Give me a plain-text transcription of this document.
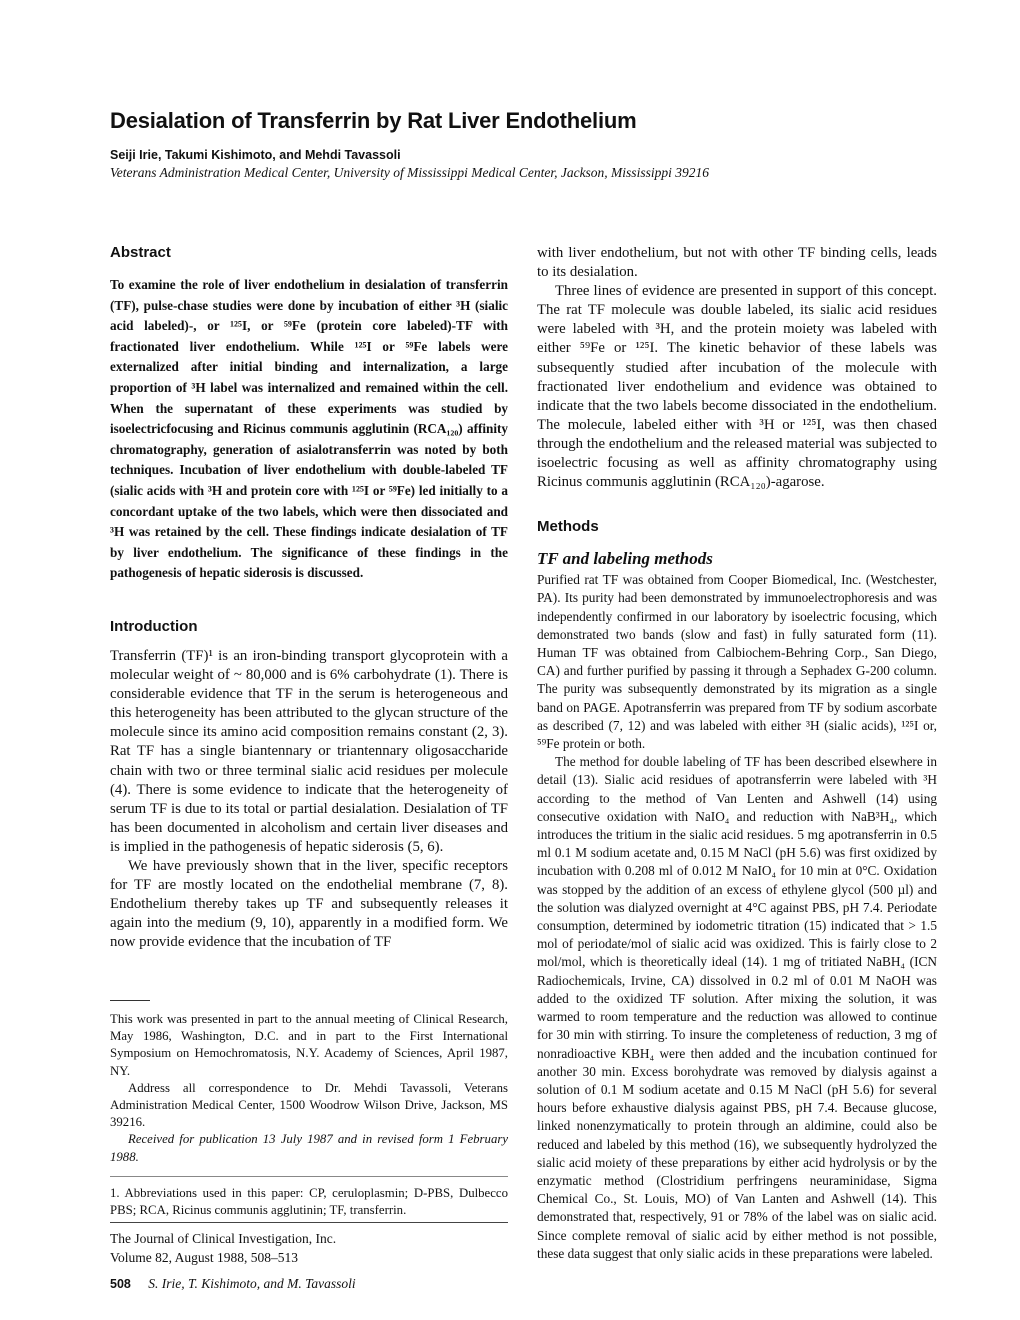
Desialation of Transferrin by Rat Liver Endothelium
Seiji Irie, Takumi Kishimoto, and Mehdi Tavassoli
Veterans Administration Medical Center, University of Mississippi Medical Center, Jackson, Mississippi 39216
Abstract

To examine the role of liver endothelium in desialation of transferrin (TF), pulse-chase studies were done by incubation of either ³H (sialic acid labeled)-, or ¹²⁵I, or ⁵⁹Fe (protein core labeled)-TF with fractionated liver endothelium. While ¹²⁵I or ⁵⁹Fe labels were externalized after initial binding and internalization, a large proportion of ³H label was internalized and remained within the cell. When the supernatant of these experiments was studied by isoelectricfocusing and Ricinus communis agglutinin (RCA₁₂₀) affinity chromatography, generation of asialotransferrin was noted by both techniques. Incubation of liver endothelium with double-labeled TF (sialic acids with ³H and protein core with ¹²⁵I or ⁵⁹Fe) led initially to a concordant uptake of the two labels, which were then dissociated and ³H was retained by the cell. These findings indicate desialation of TF by liver endothelium. The significance of these findings in the pathogenesis of hepatic siderosis is discussed.

Introduction

Transferrin (TF)¹ is an iron-binding transport glycoprotein with a molecular weight of ~ 80,000 and is 6% carbohydrate (1). There is considerable evidence that TF in the serum is heterogeneous and this heterogeneity has been attributed to the glycan structure of the molecule since its amino acid composition remains constant (2, 3). Rat TF has a single biantennary or triantennary oligosaccharide chain with two or three terminal sialic acid residues per molecule (4). There is some evidence to indicate that the heterogeneity of serum TF is due to its total or partial desialation. Desialation of TF has been documented in alcoholism and certain liver diseases and is implied in the pathogenesis of hepatic siderosis (5, 6).

We have previously shown that in the liver, specific receptors for TF are mostly located on the endothelial membrane (7, 8). Endothelium thereby takes up TF and subsequently releases it again into the medium (9, 10), apparently in a modified form. We now provide evidence that the incubation of TF

This work was presented in part to the annual meeting of Clinical Research, May 1986, Washington, D.C. and in part to the First International Symposium on Hemochromatosis, N.Y. Academy of Sciences, April 1987, NY.

Address all correspondence to Dr. Mehdi Tavassoli, Veterans Administration Medical Center, 1500 Woodrow Wilson Drive, Jackson, MS 39216.

Received for publication 13 July 1987 and in revised form 1 February 1988.

1. Abbreviations used in this paper: CP, ceruloplasmin; D-PBS, Dulbecco PBS; RCA, Ricinus communis agglutinin; TF, transferrin.

The Journal of Clinical Investigation, Inc.

Volume 82, August 1988, 508–513

508 S. Irie, T. Kishimoto, and M. Tavassoli

with liver endothelium, but not with other TF binding cells, leads to its desialation.

Three lines of evidence are presented in support of this concept. The rat TF molecule was double labeled, its sialic acid residues were labeled with ³H, and the protein moiety was labeled with either ⁵⁹Fe or ¹²⁵I. The kinetic behavior of these labels was subsequently studied after incubation of the molecule with fractionated liver endothelium and evidence was obtained to indicate that the two labels become dissociated in the endothelium. The molecule, labeled either with ³H or ¹²⁵I, was then chased through the endothelium and the released material was subjected to isoelectric focusing as well as affinity chromatography using Ricinus communis agglutinin (RCA₁₂₀)-agarose.

Methods
TF and labeling methods

Purified rat TF was obtained from Cooper Biomedical, Inc. (Westchester, PA). Its purity had been demonstrated by immunoelectrophoresis and was independently confirmed in our laboratory by isoelectric focusing, which demonstrated two bands (slow and fast) in fully saturated form (11). Human TF was obtained from Calbiochem-Behring Corp., San Diego, CA) and further purified by passing it through a Sephadex G-200 column. The purity was subsequently demonstrated by its migration as a single band on PAGE. Apotransferrin was prepared from TF by sodium ascorbate as described (7, 12) and was labeled with either ³H (sialic acids), ¹²⁵I or, ⁵⁹Fe protein or both.

The method for double labeling of TF has been described elsewhere in detail (13). Sialic acid residues of apotransferrin were labeled with ³H according to the method of Van Lenten and Ashwell (14) using consecutive oxidation with NaIO₄ and reduction with NaB³H₄, which introduces the tritium in the sialic acid residues. 5 mg apotransferrin in 0.5 ml 0.1 M sodium acetate and, 0.15 M NaCl (pH 5.6) was first oxidized by incubation with 0.208 ml of 0.012 M NaIO₄ for 10 min at 0°C. Oxidation was stopped by the addition of an excess of ethylene glycol (500 µl) and the solution was dialyzed overnight at 4°C against PBS, pH 7.4. Periodate consumption, determined by iodometric titration (15) indicated that > 1.5 mol of periodate/mol of sialic acid was oxidized. This is fairly close to 2 mol/mol, which is theoretically ideal (14). 1 mg of tritiated NaBH₄ (ICN Radiochemicals, Irvine, CA) dissolved in 0.2 ml of 0.01 M NaOH was added to the oxidized TF solution. After mixing the solution, it was warmed to room temperature and the reduction was allowed to continue for 30 min with stirring. To insure the completeness of reduction, 3 mg of nonradioactive KBH₄ were then added and the incubation continued for another 30 min. Excess borohydrate was removed by dialysis against a solution of 0.1 M sodium acetate and 0.15 M NaCl (pH 5.6) for several hours before exhaustive dialysis against PBS, pH 7.4. Because glucose, linked nonenzymatically to protein through an aldimine, could also be reduced and labeled by this method (16), we subsequently hydrolyzed the sialic acid moiety of these preparations by either acid hydrolysis or by the enzymatic method (Clostridium perfringens neuraminidase, Sigma Chemical Co., St. Louis, MO) of Van Lanten and Ashwell (14). This demonstrated that, respectively, 91 or 78% of the label was on sialic acid. Since complete removal of sialic acid by either method is not possible, these data suggest that only sialic acids in these preparations were labeled.
